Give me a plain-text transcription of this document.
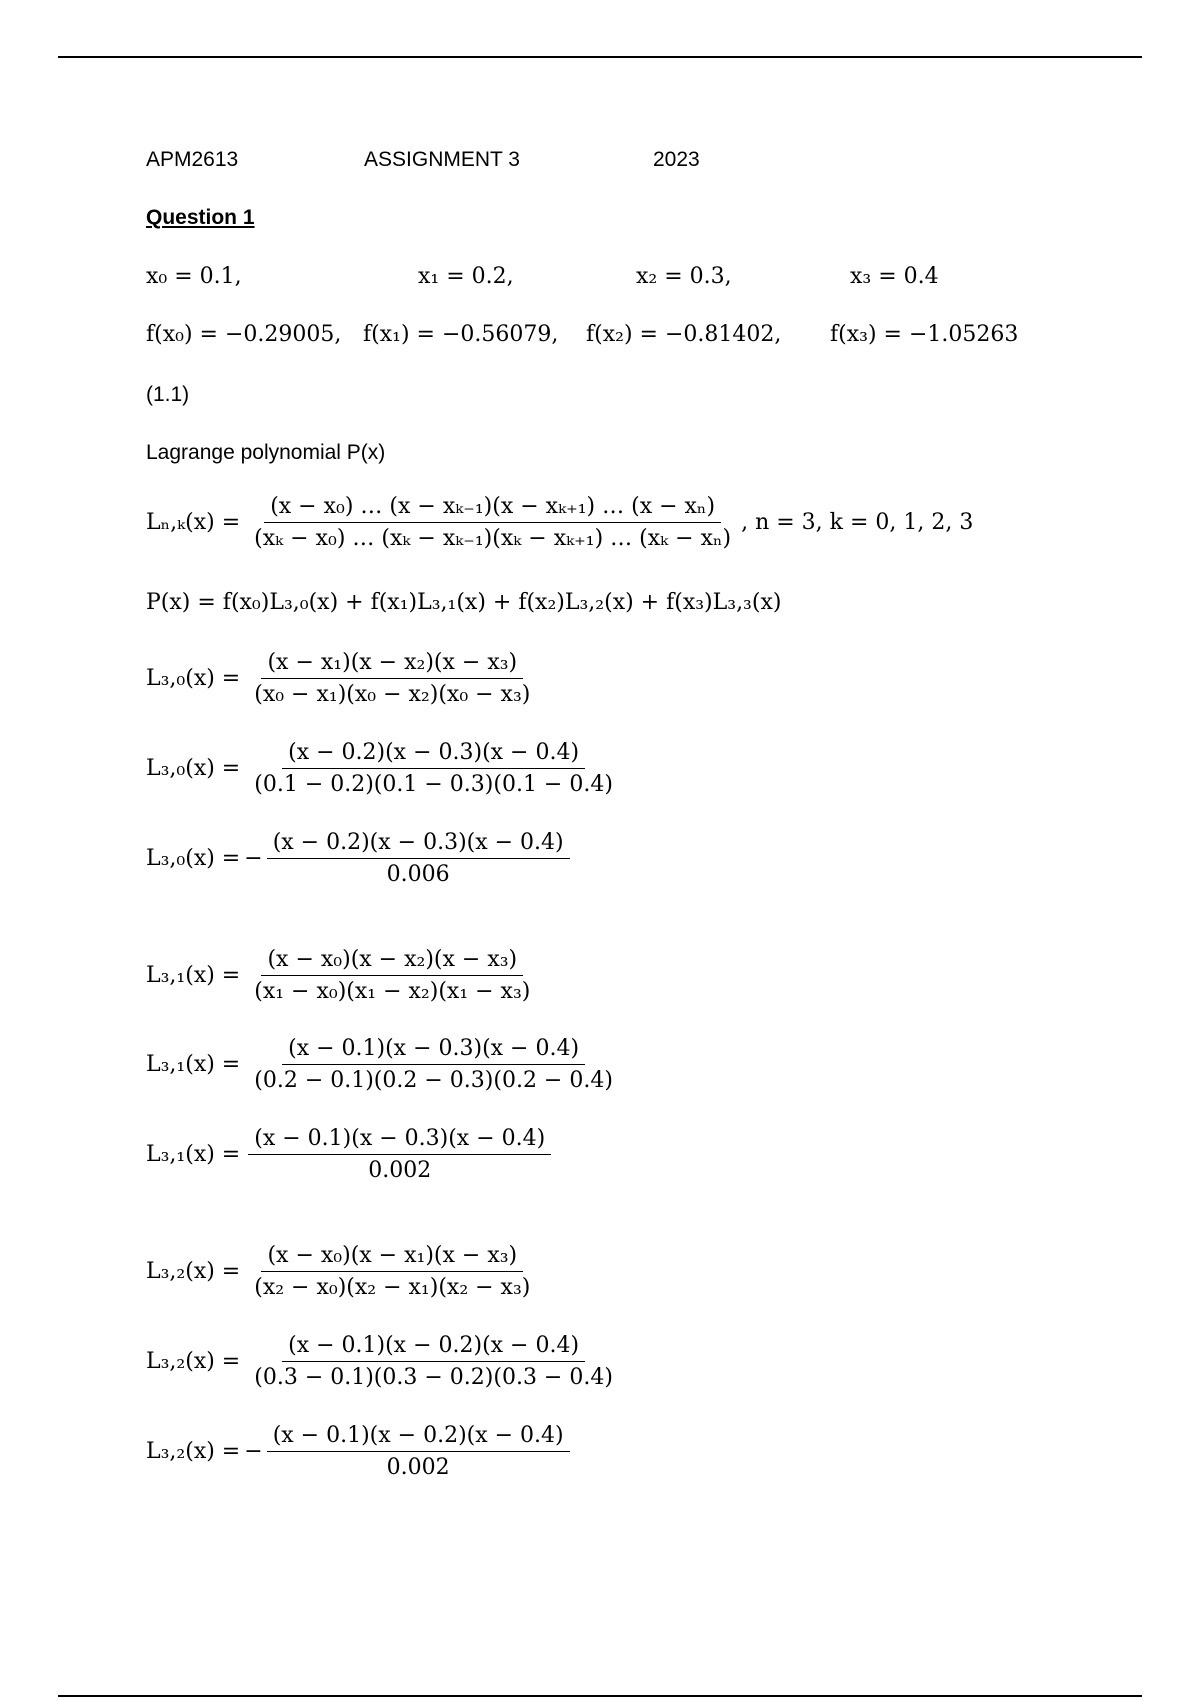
APM2613	ASSIGNMENT 3	2023
Question 1
x₀ = 0.1,	x₁ = 0.2,	x₂ = 0.3,	x₃ = 0.4
f(x₀) = −0.29005, f(x₁) = −0.56079, f(x₂) = −0.81402, f(x₃) = −1.05263
(1.1)
Lagrange polynomial P(x)
$L_n,_k(x) = \frac{\text{(x − x₀) … (x − xₖ₋₁)(x − xₖ₊₁) … (x − xₙ)}}{\text{(xₖ − x₀) … (xₖ − xₖ₋₁)(xₖ − xₖ₊₁) … (xₖ − xₙ)}}$ , n = 3, k = 0, 1, 2, 3
P(x) = f(x₀)L₃,₀(x) + f(x₁)L₃,₁(x) + f(x₂)L₃,₂(x) + f(x₃)L₃,₃(x)
$L_3,_0(x) = \frac{\text{(x − x₁)(x − x₂)(x − x₃)}}{\text{(x₀ − x₁)(x₀ − x₂)(x₀ − x₃)}}$
$L_3,_0(x) = \frac{(x - 0.2)(x - 0.3)(x - 0.4)}{(0.1 - 0.2)(0.1 - 0.3)(0.1 - 0.4)}$
L₃,₀(x) = − $\frac{(x - 0.2)(x - 0.3)(x - 0.4)}{0.006}$
$L_3,_1(x) = \frac{\text{(x − x₀)(x − x₂)(x − x₃)}}{\text{(x₁ − x₀)(x₁ − x₂)(x₁ − x₃)}}$
$L_3,_1(x) = \frac{(x - 0.1)(x - 0.3)(x - 0.4)}{(0.2 - 0.1)(0.2 - 0.3)(0.2 - 0.4)}$
$L_3,_1(x) = \frac{(x - 0.1)(x - 0.3)(x - 0.4)}{0.002}$
$L_3,_2(x) = \frac{\text{(x − x₀)(x − x₁)(x − x₃)}}{\text{(x₂ − x₀)(x₂ − x₁)(x₂ − x₃)}}$
$L_3,_2(x) = \frac{(x - 0.1)(x - 0.2)(x - 0.4)}{(0.3 - 0.1)(0.3 - 0.2)(0.3 - 0.4)}$
L₃,₂(x) = − $\frac{(x - 0.1)(x - 0.2)(x - 0.4)}{0.002}$
